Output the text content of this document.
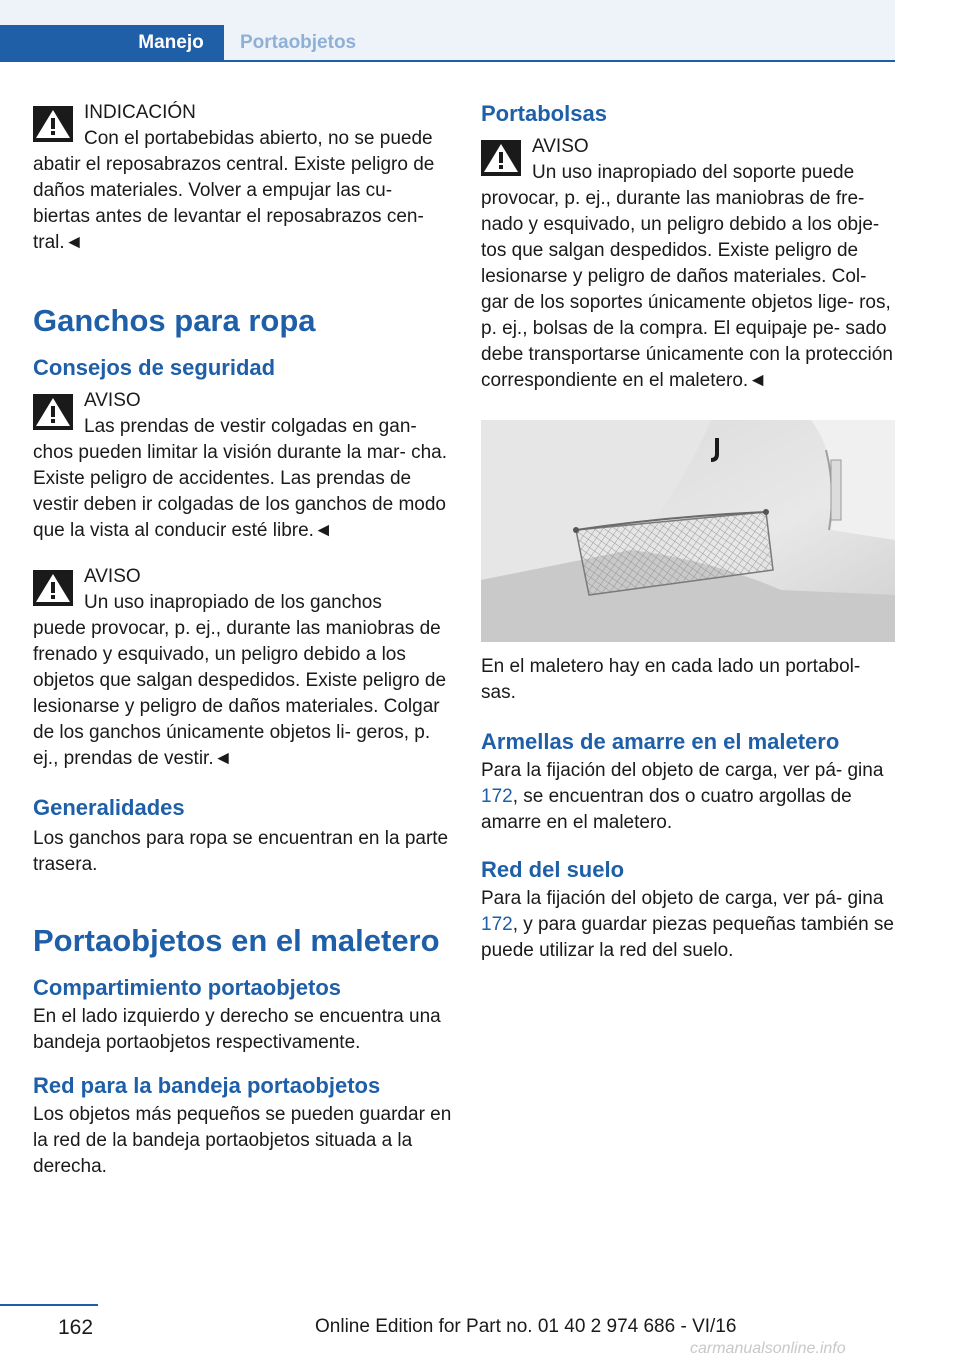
Manejo	Portaobjetos

INDICACIÓN

Con el portabebidas abierto, no se puede

abatir el reposabrazos central. Existe peligro de daños materiales. Volver a empujar las cu‐ biertas antes de levantar el reposabrazos cen‐ tral.◄

Ganchos para ropa
Consejos de seguridad

AVISO

Las prendas de vestir colgadas en gan‐

chos pueden limitar la visión durante la mar‐ cha. Existe peligro de accidentes. Las prendas de vestir deben ir colgadas de los ganchos de modo que la vista al conducir esté libre.◄

AVISO

Un uso inapropiado de los ganchos

puede provocar, p. ej., durante las maniobras de frenado y esquivado, un peligro debido a los objetos que salgan despedidos. Existe peligro de lesionarse y peligro de daños materiales. Colgar de los ganchos únicamente objetos li‐ geros, p. ej., prendas de vestir.◄

Generalidades

Los ganchos para ropa se encuentran en la parte trasera.

Portaobjetos en el maletero
Compartimiento portaobjetos

En el lado izquierdo y derecho se encuentra una bandeja portaobjetos respectivamente.

Red para la bandeja portaobjetos

Los objetos más pequeños se pueden guardar en la red de la bandeja portaobjetos situada a la derecha.

Portabolsas

AVISO

Un uso inapropiado del soporte puede

provocar, p. ej., durante las maniobras de fre‐ nado y esquivado, un peligro debido a los obje‐ tos que salgan despedidos. Existe peligro de lesionarse y peligro de daños materiales. Col‐ gar de los soportes únicamente objetos lige‐ ros, p. ej., bolsas de la compra. El equipaje pe‐ sado debe transportarse únicamente con la protección correspondiente en el maletero.◄

En el maletero hay en cada lado un portabol‐ sas.

Armellas de amarre en el maletero

Para la fijación del objeto de carga, ver pá‐ gina 172, se encuentran dos o cuatro argollas de amarre en el maletero.

Red del suelo

Para la fijación del objeto de carga, ver pá‐ gina 172, y para guardar piezas pequeñas también se puede utilizar la red del suelo.

162	Online Edition for Part no. 01 40 2 974 686 - VI/16
carmanualsonline.info
